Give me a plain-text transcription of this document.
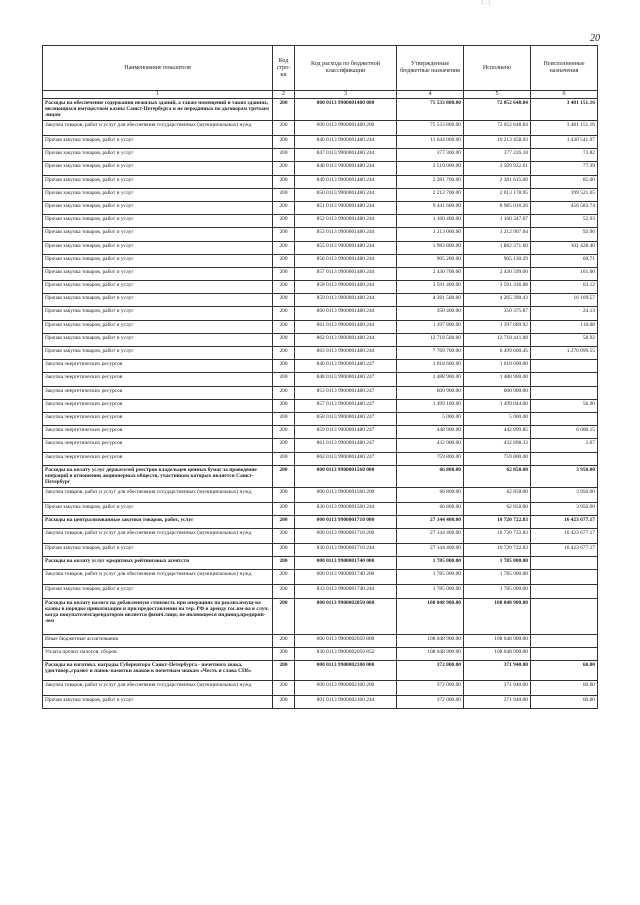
(...)
20
Наименование показателя	Код стро-ки	Код расхода по бюджетной классификации	Утвержденные бюджетные назначения	Исполнено	Неисполненные назначения
1	2	3	4	5	6
Расходы на обеспечение содержания нежилых зданий, а также помещений в таких зданиях, являющихся имуществом казны Санкт-Петербурга и не переданных по договорам третьим лицам	200	000 0113 9900001480 000	75 533 800.00	72 052 648.84	3 481 151.16
Закупка товаров, работ и услуг для обеспечения государственных (муниципальных) нужд	200	000 0113 9900001480 200	75 533 800.00	72 052 648.84	3 481 151.16
Прочая закупка товаров, работ и услуг	200	846 0113 9900001480 244	11 644 000.00	10 213 458.03	1 430 541.97
Прочая закупка товаров, работ и услуг	200	847 0113 9900001480 244	377 300.00	377 226.18	73.82
Прочая закупка товаров, работ и услуг	200	848 0113 9900001480 244	3 510 000.00	3 509 922.61	77.39
Прочая закупка товаров, работ и услуг	200	849 0113 9900001480 244	2 381 700.00	2 381 615.00	85.00
Прочая закупка товаров, работ и услуг	200	850 0113 9900001480 244	2 212 700.00	2 013 178.95	199 521.05
Прочая закупка товаров, работ и услуг	200	851 0113 9900001480 244	9 441 600.00	8 985 016.26	456 583.74
Прочая закупка товаров, работ и услуг	200	852 0113 9900001480 244	1 160 400.00	1 160 347.07	52.93
Прочая закупка товаров, работ и услуг	200	853 0113 9900001480 244	3 213 000.00	3 212 907.04	92.96
Прочая закупка товаров, работ и услуг	200	855 0113 9900001480 244	1 983 800.00	1 882 371.60	101 428.40
Прочая закупка товаров, работ и услуг	200	856 0113 9900001480 244	905 200.00	905 130.29	69.71
Прочая закупка товаров, работ и услуг	200	857 0113 9900001480 244	2 430 700.00	2 430 599.00	101.00
Прочая закупка товаров, работ и услуг	200	858 0113 9900001480 244	3 591 400.00	3 591 336.88	63.12
Прочая закупка товаров, работ и услуг	200	859 0113 9900001480 244	4 281 500.00	4 265 390.43	16 109.57
Прочая закупка товаров, работ и услуг	200	860 0113 9900001480 244	350 400.00	350 375.87	24.13
Прочая закупка товаров, работ и услуг	200	861 0113 9900001480 244	1 397 800.00	1 397 689.92	110.08
Прочая закупка товаров, работ и услуг	200	862 0113 9900001480 244	12 718 500.00	12 718 441.08	58.92
Прочая закупка товаров, работ и услуг	200	863 0113 9900001480 244	7 769 700.00	6 499 600.45	1 270 099.55
Закупка энергетических ресурсов	200	846 0113 9900001480 247	1 018 600.00	1 018 600.00	
Закупка энергетических ресурсов	200	848 0113 9900001480 247	1 488 900.00	1 488 900.00	
Закупка энергетических ресурсов	200	853 0113 9900001480 247	600 900.00	600 900.00	
Закупка энергетических ресурсов	200	857 0113 9900001480 247	1 499 100.00	1 499 044.00	56.00
Закупка энергетических ресурсов	200	858 0113 9900001480 247	5 000.00	5 000.00	
Закупка энергетических ресурсов	200	859 0113 9900001480 247	448 900.00	442 899.85	6 000.15
Закупка энергетических ресурсов	200	861 0113 9900001480 247	432 900.00	432 898.33	1.67
Закупка энергетических ресурсов	200	862 0113 9900001480 247	759 800.00	759 800.00	
Расходы на оплату услуг держателей реестров владельцев ценных бумаг за проведение операций в отношении акционерных обществ, участником которых является Санкт-Петербург	200	000 0113 9900001560 000	66 800.00	62 850.00	3 950.00
Закупка товаров, работ и услуг для обеспечения государственных (муниципальных) нужд	200	000 0113 9900001560 200	66 800.00	62 850.00	3 950.00
Прочая закупка товаров, работ и услуг	200	830 0113 9900001560 244	66 800.00	62 850.00	3 950.00
Расходы на централизованные закупки товаров, работ, услуг	200	000 0113 9900001710 000	27 144 400.00	10 720 722.83	16 423 677.17
Закупка товаров, работ и услуг для обеспечения государственных (муниципальных) нужд	200	000 0113 9900001710 200	27 144 400.00	10 720 722.83	16 423 677.17
Прочая закупка товаров, работ и услуг	200	830 0113 9900001710 244	27 144 400.00	10 720 722.83	16 423 677.17
Расходы на оплату услуг кредитных рейтинговых агентств	200	000 0113 9900001740 000	1 785 000.00	1 785 000.00	
Закупка товаров, работ и услуг для обеспечения государственных (муниципальных) нужд	200	000 0113 9900001740 200	1 785 000.00	1 785 000.00	
Прочая закупка товаров, работ и услуг	200	833 0113 9900001740 244	1 785 000.00	1 785 000.00	
Расходы на оплату налога на добавленную стоимость при операциях по реализ.имущ-ва казны в порядке приватизации и при предоставлении на тер. РФ в аренду гос.им-ва в случ. когда покупателем/арендатором является физич.лицо, не являющееся индивид.предприн-лем	200	000 0113 9900002050 000	108 048 900.00	108 048 900.00	
Иные бюджетные ассигнования	200	000 0113 9900002050 800	108 048 900.00	108 048 900.00	
Уплата прочих налогов, сборов	200	830 0113 9900002050 852	108 048 900.00	108 048 900.00	
Расходы на изготовл. награды Губернатора Санкт-Петербурга - почетного знака, удостовер.,грамот и папок-памятки знаков к почетным знакам «Честь и слава СПб»	200	000 0113 9900002100 000	372 000.00	371 940.00	60.00
Закупка товаров, работ и услуг для обеспечения государственных (муниципальных) нужд	200	000 0113 9900002100 200	372 000.00	371 940.00	60.00
Прочая закупка товаров, работ и услуг	200	801 0113 9900002100 244	372 000.00	371 940.00	60.00
